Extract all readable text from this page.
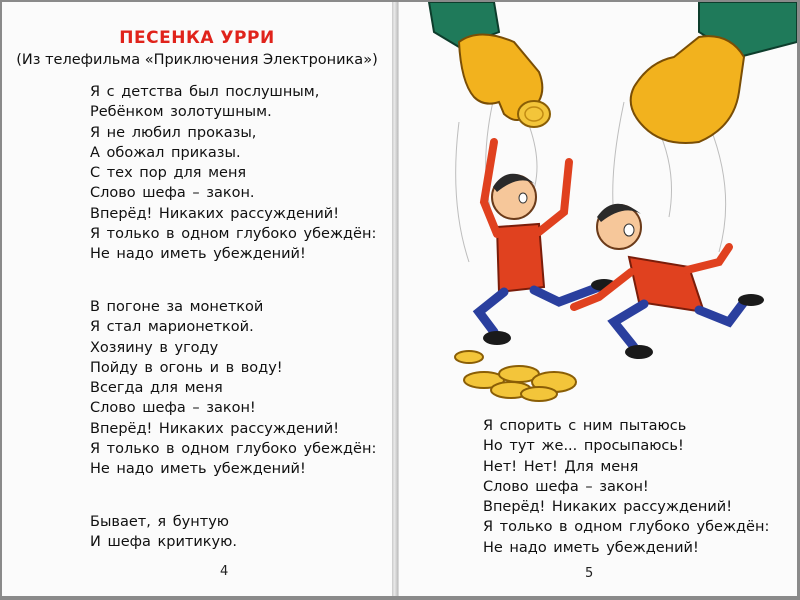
ПЕСЕНКА УРРИ
(Из телефильма «Приключения Электроника»)
Я с детства был послушным,
Ребёнком золотушным.
Я не любил проказы,
А обожал приказы.
С тех пор для меня
Слово шефа – закон.
Вперёд! Никаких рассуждений!
Я только в одном глубоко убеждён:
Не надо иметь убеждений!
В погоне за монеткой
Я стал марионеткой.
Хозяину в угоду
Пойду в огонь и в воду!
Всегда для меня
Слово шефа – закон!
Вперёд! Никаких рассуждений!
Я только в одном глубоко убеждён:
Не надо иметь убеждений!
Бывает, я бунтую
И шефа критикую.
4
Я спорить с ним пытаюсь
Но тут же... просыпаюсь!
Нет! Нет! Для меня
Слово шефа – закон!
Вперёд! Никаких рассуждений!
Я только в одном глубоко убеждён:
Не надо иметь убеждений!
5
